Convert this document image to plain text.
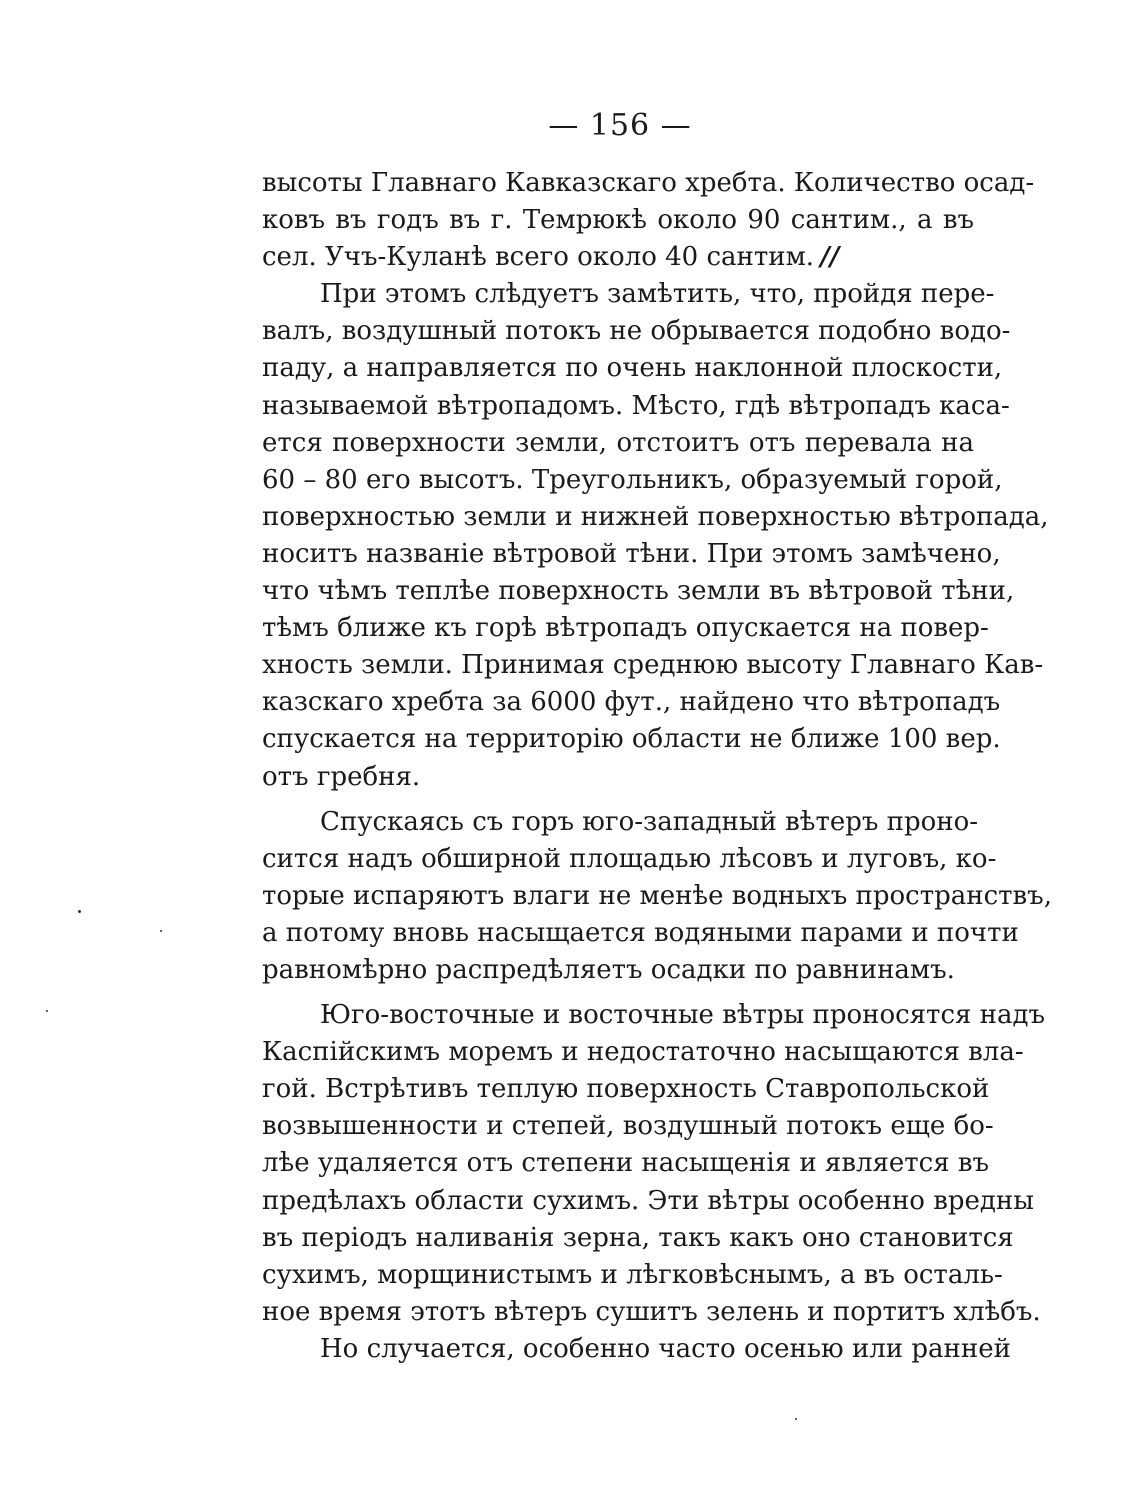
— 156 —
высоты Главнаго Кавказскаго хребта. Количество осад-
ковъ въ годъ въ г. Темрюкѣ около 90 сантим., а въ
сел. Учъ-Куланѣ всего около 40 сантим. //
При этомъ слѣдуетъ замѣтить, что, пройдя пере-
валъ, воздушный потокъ не обрывается подобно водо-
паду, а направляется по очень наклонной плоскости,
называемой вѣтропадомъ. Мѣсто, гдѣ вѣтропадъ каса-
ется поверхности земли, отстоитъ отъ перевала на
60 – 80 его высотъ. Треугольникъ, образуемый горой,
поверхностью земли и нижней поверхностью вѣтропада,
носитъ названіе вѣтровой тѣни. При этомъ замѣчено,
что чѣмъ теплѣе поверхность земли въ вѣтровой тѣни,
тѣмъ ближе къ горѣ вѣтропадъ опускается на повер-
хность земли. Принимая среднюю высоту Главнаго Кав-
казскаго хребта за 6000 фут., найдено что вѣтропадъ
спускается на территорію области не ближе 100 вер.
отъ гребня.
Спускаясь съ горъ юго-западный вѣтеръ проно-
сится надъ обширной площадью лѣсовъ и луговъ, ко-
торые испаряютъ влаги не менѣе водныхъ пространствъ,
а потому вновь насыщается водяными парами и почти
равномѣрно распредѣляетъ осадки по равнинамъ.
Юго-восточные и восточные вѣтры проносятся надъ
Каспійскимъ моремъ и недостаточно насыщаются вла-
гой. Встрѣтивъ теплую поверхность Ставропольской
возвышенности и степей, воздушный потокъ еще бо-
лѣе удаляется отъ степени насыщенія и является въ
предѣлахъ области сухимъ. Эти вѣтры особенно вредны
въ періодъ наливанія зерна, такъ какъ оно становится
сухимъ, морщинистымъ и лѣгковѣснымъ, а въ осталь-
ное время этотъ вѣтеръ сушитъ зелень и портитъ хлѣбъ.
Но случается, особенно часто осенью или ранней
